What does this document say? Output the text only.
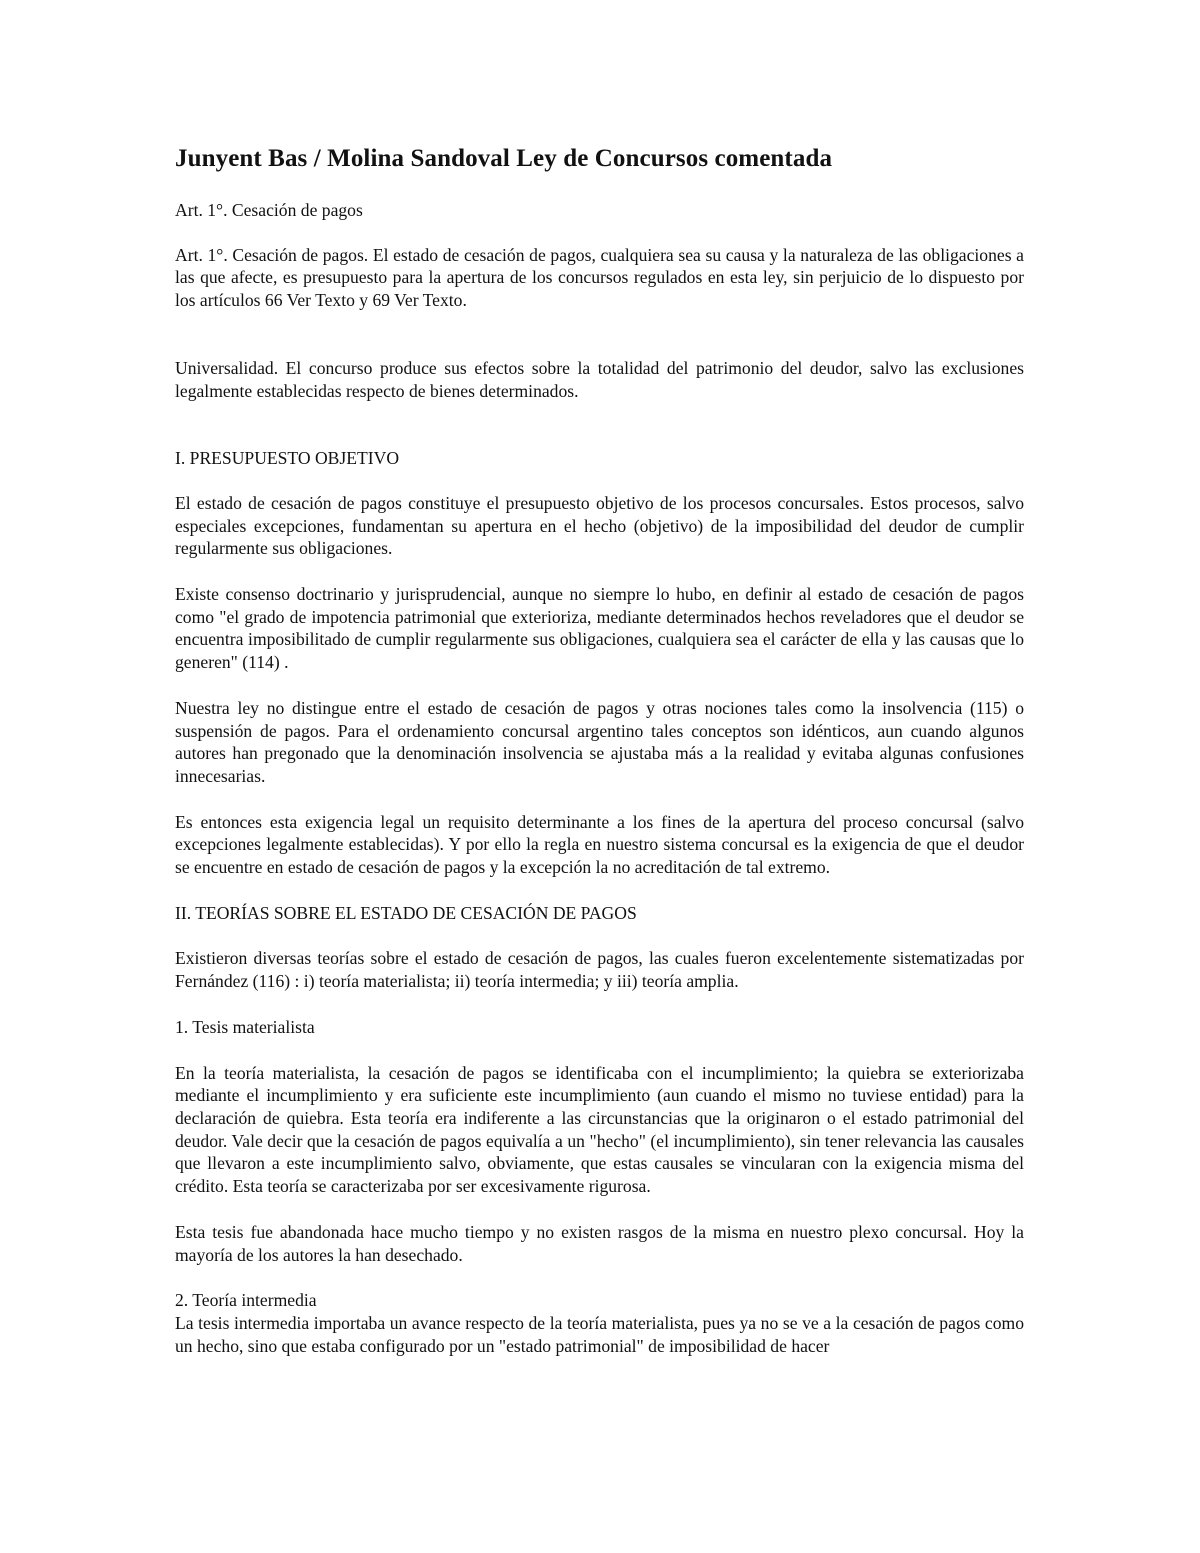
Junyent Bas / Molina Sandoval Ley de Concursos comentada

Art. 1°. Cesación de pagos

Art. 1°. Cesación de pagos. El estado de cesación de pagos, cualquiera sea su causa y la naturaleza de las obligaciones a las que afecte, es presupuesto para la apertura de los concursos regulados en esta ley, sin perjuicio de lo dispuesto por los artículos 66 Ver Texto y 69 Ver Texto.

Universalidad. El concurso produce sus efectos sobre la totalidad del patrimonio del deudor, salvo las exclusiones legalmente establecidas respecto de bienes determinados.

I. PRESUPUESTO OBJETIVO

El estado de cesación de pagos constituye el presupuesto objetivo de los procesos concursales. Estos procesos, salvo especiales excepciones, fundamentan su apertura en el hecho (objetivo) de la imposibilidad del deudor de cumplir regularmente sus obligaciones.

Existe consenso doctrinario y jurisprudencial, aunque no siempre lo hubo, en definir al estado de cesación de pagos como "el grado de impotencia patrimonial que exterioriza, mediante determinados hechos reveladores que el deudor se encuentra imposibilitado de cumplir regularmente sus obligaciones, cualquiera sea el carácter de ella y las causas que lo generen" (114) .

Nuestra ley no distingue entre el estado de cesación de pagos y otras nociones tales como la insolvencia (115) o suspensión de pagos. Para el ordenamiento concursal argentino tales conceptos son idénticos, aun cuando algunos autores han pregonado que la denominación insolvencia se ajustaba más a la realidad y evitaba algunas confusiones innecesarias.

Es entonces esta exigencia legal un requisito determinante a los fines de la apertura del proceso concursal (salvo excepciones legalmente establecidas). Y por ello la regla en nuestro sistema concursal es la exigencia de que el deudor se encuentre en estado de cesación de pagos y la excepción la no acreditación de tal extremo.

II. TEORÍAS SOBRE EL ESTADO DE CESACIÓN DE PAGOS

Existieron diversas teorías sobre el estado de cesación de pagos, las cuales fueron excelentemente sistematizadas por Fernández (116) : i) teoría materialista; ii) teoría intermedia; y iii) teoría amplia.

1. Tesis materialista

En la teoría materialista, la cesación de pagos se identificaba con el incumplimiento; la quiebra se exteriorizaba mediante el incumplimiento y era suficiente este incumplimiento (aun cuando el mismo no tuviese entidad) para la declaración de quiebra. Esta teoría era indiferente a las circunstancias que la originaron o el estado patrimonial del deudor. Vale decir que la cesación de pagos equivalía a un "hecho" (el incumplimiento), sin tener relevancia las causales que llevaron a este incumplimiento salvo, obviamente, que estas causales se vincularan con la exigencia misma del crédito. Esta teoría se caracterizaba por ser excesivamente rigurosa.

Esta tesis fue abandonada hace mucho tiempo y no existen rasgos de la misma en nuestro plexo concursal. Hoy la mayoría de los autores la han desechado.

2. Teoría intermedia

La tesis intermedia importaba un avance respecto de la teoría materialista, pues ya no se ve a la cesación de pagos como un hecho, sino que estaba configurado por un "estado patrimonial" de imposibilidad de hacer
